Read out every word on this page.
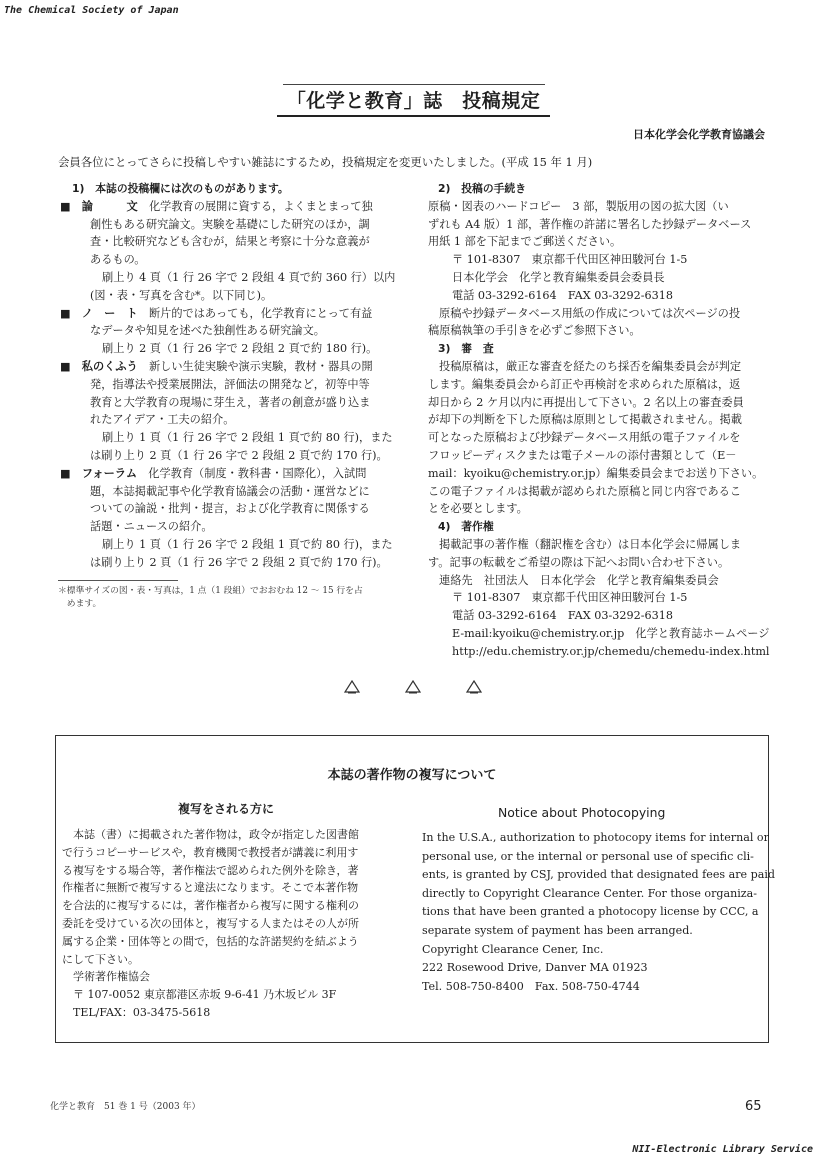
The Chemical Society of Japan
「化学と教育」誌　投稿規定
日本化学会化学教育協議会
会員各位にとってさらに投稿しやすい雑誌にするため，投稿規定を変更いたしました。(平成 15 年 1 月)

1)　本誌の投稿欄には次のものがあります。

■　 論　　　文　 化学教育の展開に資する，よくまとまって独

創性もある研究論文。実験を基礎にした研究のほか，調

査・比較研究なども含むが，結果と考察に十分な意義が

あるもの。

刷上り 4 頁（1 行 26 字で 2 段組 4 頁で約 360 行）以内

(図・表・写真を含む*。以下同じ)。

■　 ノ　ー　ト　 断片的ではあっても，化学教育にとって有益

なデータや知見を述べた独創性ある研究論文。

刷上り 2 頁（1 行 26 字で 2 段組 2 頁で約 180 行)。

■　 私のくふう　 新しい生徒実験や演示実験，教材・器具の開

発，指導法や授業展開法，評価法の開発など，初等中等

教育と大学教育の現場に芽生え，著者の創意が盛り込ま

れたアイデア・工夫の紹介。

刷上り 1 頁（1 行 26 字で 2 段組 1 頁で約 80 行)，また

は刷り上り 2 頁（1 行 26 字で 2 段組 2 頁で約 170 行)。

■　 フォーラム　 化学教育（制度・教科書・国際化），入試問

題，本誌掲載記事や化学教育協議会の活動・運営などに

ついての論説・批判・提言，および化学教育に関係する

話題・ニュースの紹介。

刷上り 1 頁（1 行 26 字で 2 段組 1 頁で約 80 行)，また

は刷り上り 2 頁（1 行 26 字で 2 段組 2 頁で約 170 行)。

＊標準サイズの図・表・写真は，1 点（1 段組）でおおむね 12 ～ 15 行を占

　めます。

2)　投稿の手続き

原稿・図表のハードコピー　3 部，製版用の図の拡大図（い

ずれも A4 版）1 部，著作権の許諾に署名した抄録データベース

用紙 1 部を下記までご郵送ください。

〒 101-8307　東京都千代田区神田駿河台 1-5

日本化学会　化学と教育編集委員会委員長

電話 03-3292-6164　FAX 03-3292-6318

原稿や抄録データベース用紙の作成については次ページの投

稿原稿執筆の手引きを必ずご参照下さい。

3)　審　査

投稿原稿は，厳正な審査を経たのち採否を編集委員会が判定

します。編集委員会から訂正や再検討を求められた原稿は，返

却日から 2 ケ月以内に再提出して下さい。2 名以上の審査委員

が却下の判断を下した原稿は原則として掲載されません。掲載

可となった原稿および抄録データベース用紙の電子ファイルを

フロッピーディスクまたは電子メールの添付書類として（E－

mail：kyoiku@chemistry.or.jp）編集委員会までお送り下さい。

この電子ファイルは掲載が認められた原稿と同じ内容であるこ

とを必要とします。

4)　著作権

掲載記事の著作権（翻訳権を含む）は日本化学会に帰属しま

す。記事の転載をご希望の際は下記へお問い合わせ下さい。

連絡先　社団法人　日本化学会　化学と教育編集委員会

〒 101-8307　東京都千代田区神田駿河台 1-5

電話 03-3292-6164　FAX 03-3292-6318

E-mail:kyoiku@chemistry.or.jp　化学と教育誌ホームページ

http://edu.chemistry.or.jp/chemedu/chemedu-index.html

本誌の著作物の複写について
複写をされる方に	Notice about Photocopying

　本誌（書）に掲載された著作物は，政令が指定した図書館

で行うコピーサービスや，教育機関で教授者が講義に利用す

る複写をする場合等，著作権法で認められた例外を除き，著

作権者に無断で複写すると違法になります。そこで本著作物

を合法的に複写するには，著作権者から複写に関する権利の

委託を受けている次の団体と，複写する人またはその人が所

属する企業・団体等との間で，包括的な許諾契約を結ぶよう

にして下さい。

　学術著作権協会

　〒 107-0052 東京都港区赤坂 9-6-41 乃木坂ビル 3F

　TEL/FAX：03-3475-5618

In the U.S.A., authorization to photocopy items for internal or

personal use, or the internal or personal use of specific cli-

ents, is granted by CSJ, provided that designated fees are paid

directly to Copyright Clearance Center. For those organiza-

tions that have been granted a photocopy license by CCC, a

separate system of payment has been arranged.

Copyright Clearance Cener, Inc.

222 Rosewood Drive, Danver MA 01923

Tel. 508-750-8400　Fax. 508-750-4744

化学と教育　51 巻 1 号（2003 年）	65
NII-Electronic Library Service
